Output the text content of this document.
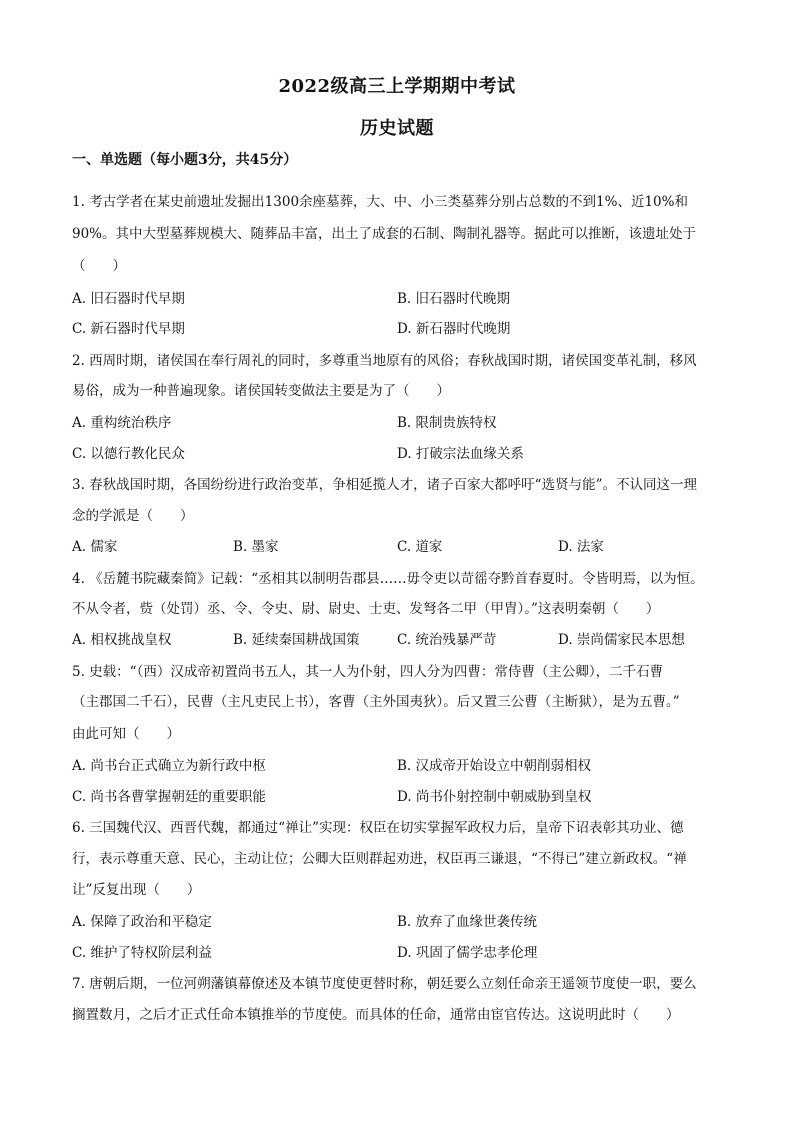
2022级高三上学期期中考试
历史试题
一、单选题（每小题3分，共45分）
1. 考古学者在某史前遗址发掘出1300余座墓葬，大、中、小三类墓葬分别占总数的不到1%、近10%和
90%。其中大型墓葬规模大、随葬品丰富，出土了成套的石制、陶制礼器等。据此可以推断，该遗址处于
（　　）
A. 旧石器时代早期	B. 旧石器时代晚期
C. 新石器时代早期	D. 新石器时代晚期
2. 西周时期，诸侯国在奉行周礼的同时，多尊重当地原有的风俗；春秋战国时期，诸侯国变革礼制，移风
易俗，成为一种普遍现象。诸侯国转变做法主要是为了（　　）
A. 重构统治秩序	B. 限制贵族特权
C. 以德行教化民众	D. 打破宗法血缘关系
3. 春秋战国时期，各国纷纷进行政治变革，争相延揽人才，诸子百家大都呼吁“选贤与能”。不认同这一理
念的学派是（　　）
A. 儒家	B. 墨家	C. 道家	D. 法家
4. 《岳麓书院藏秦简》记载：“丞相其以制明告郡县……毋令吏以苛徭夺黔首春夏时。令皆明焉，以为恒。
不从令者，赀（处罚）丞、令、令史、尉、尉史、士吏、发弩各二甲（甲胄）。”这表明秦朝（　　）
A. 相权挑战皇权	B. 延续秦国耕战国策	C. 统治残暴严苛	D. 崇尚儒家民本思想
5. 史载：“（西）汉成帝初置尚书五人，其一人为仆射，四人分为四曹：常侍曹（主公卿），二千石曹
（主郡国二千石），民曹（主凡吏民上书），客曹（主外国夷狄）。后又置三公曹（主断狱），是为五曹。”
由此可知（　　）
A. 尚书台正式确立为新行政中枢	B. 汉成帝开始设立中朝削弱相权
C. 尚书各曹掌握朝廷的重要职能	D. 尚书仆射控制中朝威胁到皇权
6. 三国魏代汉、西晋代魏，都通过“禅让”实现：权臣在切实掌握军政权力后，皇帝下诏表彰其功业、德
行，表示尊重天意、民心，主动让位；公卿大臣则群起劝进，权臣再三谦退，“不得已”建立新政权。“禅
让”反复出现（　　）
A. 保障了政治和平稳定	B. 放弃了血缘世袭传统
C. 维护了特权阶层利益	D. 巩固了儒学忠孝伦理
7. 唐朝后期，一位河朔藩镇幕僚述及本镇节度使更替时称，朝廷要么立刻任命亲王遥领节度使一职，要么
搁置数月，之后才正式任命本镇推举的节度使。而具体的任命，通常由宦官传达。这说明此时（　　）
